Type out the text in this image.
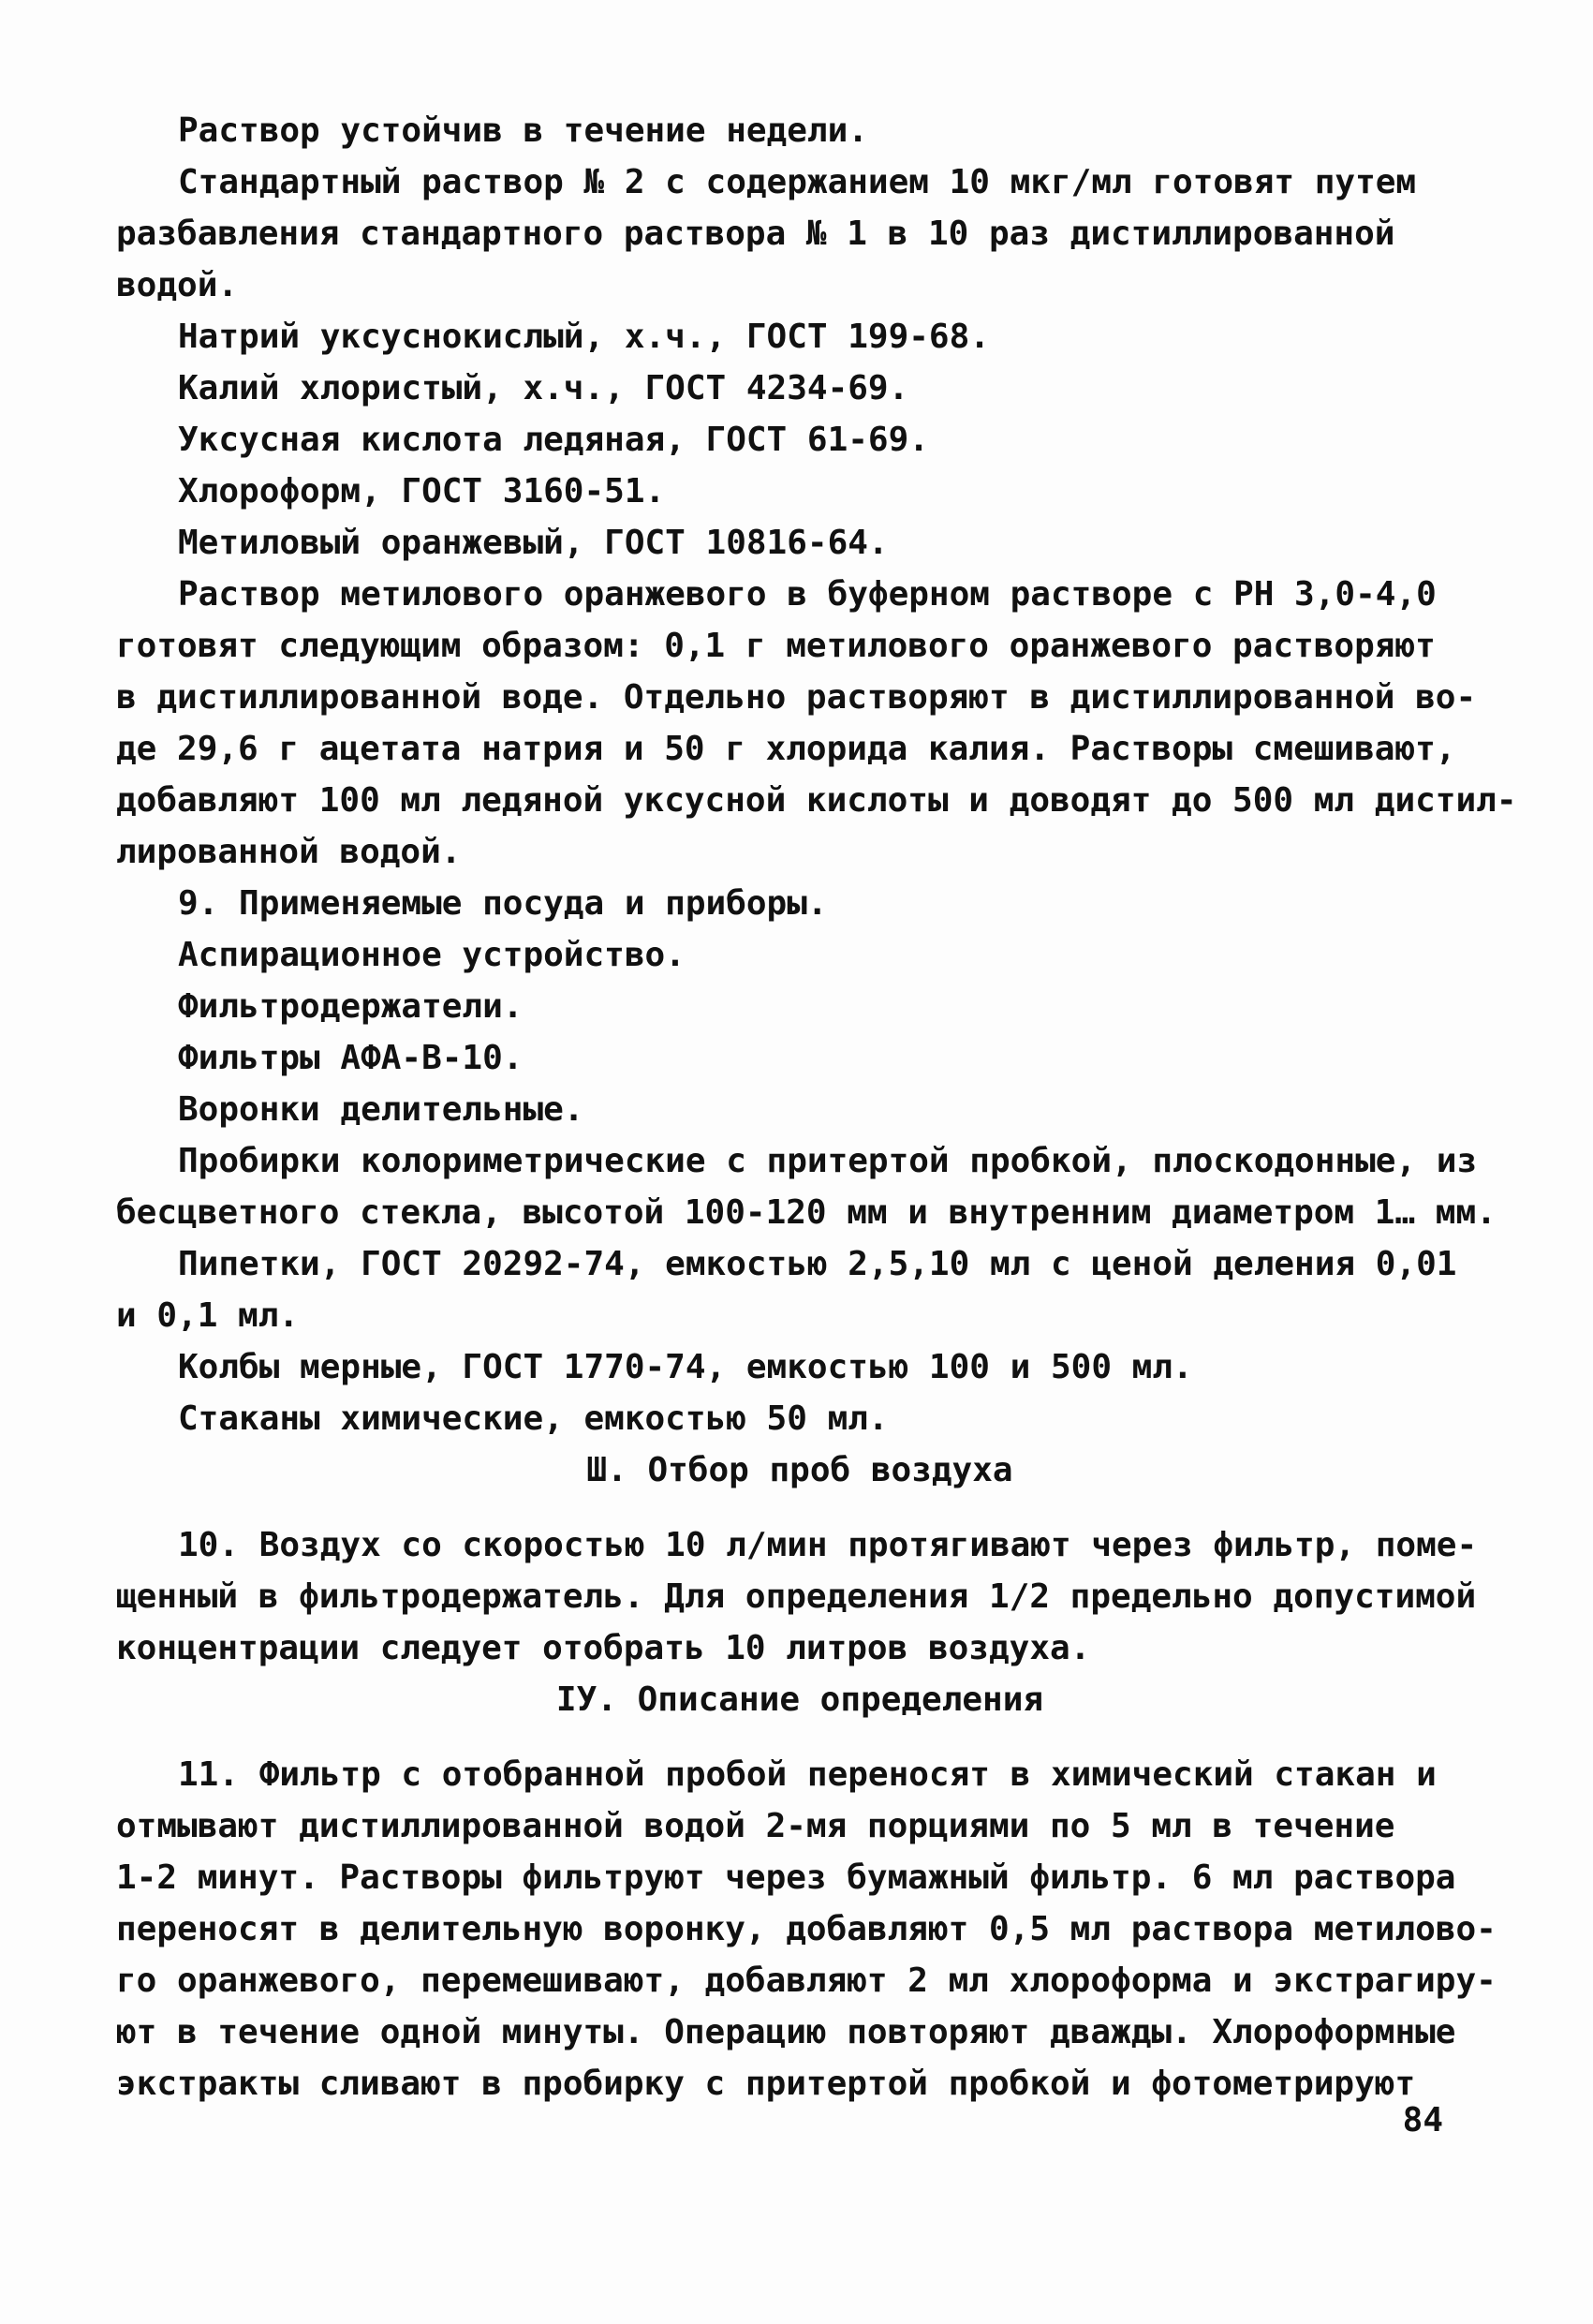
Раствор устойчив в течение недели.
Стандартный раствор № 2 с содержанием 10 мкг/мл готовят путем
разбавления стандартного раствора № 1 в 10 раз дистиллированной
водой.
Натрий уксуснокислый, х.ч., ГОСТ 199-68.
Калий хлористый, х.ч., ГОСТ 4234-69.
Уксусная кислота ледяная, ГОСТ 61-69.
Хлороформ, ГОСТ 3160-51.
Метиловый оранжевый, ГОСТ 10816-64.
Раствор метилового оранжевого в буферном растворе с РН 3,0-4,0
готовят следующим образом: 0,1 г метилового оранжевого растворяют
в дистиллированной воде. Отдельно растворяют в дистиллированной во-
де 29,6 г ацетата натрия и 50 г хлорида калия. Растворы смешивают,
добавляют 100 мл ледяной уксусной кислоты и доводят до 500 мл дистил-
лированной водой.
9. Применяемые посуда и приборы.
Аспирационное устройство.
Фильтродержатели.
Фильтры АФА-В-10.
Воронки делительные.
Пробирки колориметрические с притертой пробкой, плоскодонные, из
бесцветного стекла, высотой 100-120 мм и внутренним диаметром 1… мм.
Пипетки, ГОСТ 20292-74, емкостью 2,5,10 мл с ценой деления 0,01
и 0,1 мл.
Колбы мерные, ГОСТ 1770-74, емкостью 100 и 500 мл.
Стаканы химические, емкостью 50 мл.
Ш. Отбор проб воздуха
10. Воздух со скоростью 10 л/мин протягивают через фильтр, поме-
щенный в фильтродержатель. Для определения 1/2 предельно допустимой
концентрации следует отобрать 10 литров воздуха.
IУ. Описание определения
11. Фильтр с отобранной пробой переносят в химический стакан и
отмывают дистиллированной водой 2-мя порциями по 5 мл в течение
1-2 минут. Растворы фильтруют через бумажный фильтр. 6 мл раствора
переносят в делительную воронку, добавляют 0,5 мл раствора метилово-
го оранжевого, перемешивают, добавляют 2 мл хлороформа и экстрагиру-
ют в течение одной минуты. Операцию повторяют дважды. Хлороформные
экстракты сливают в пробирку с притертой пробкой и фотометрируют
84
